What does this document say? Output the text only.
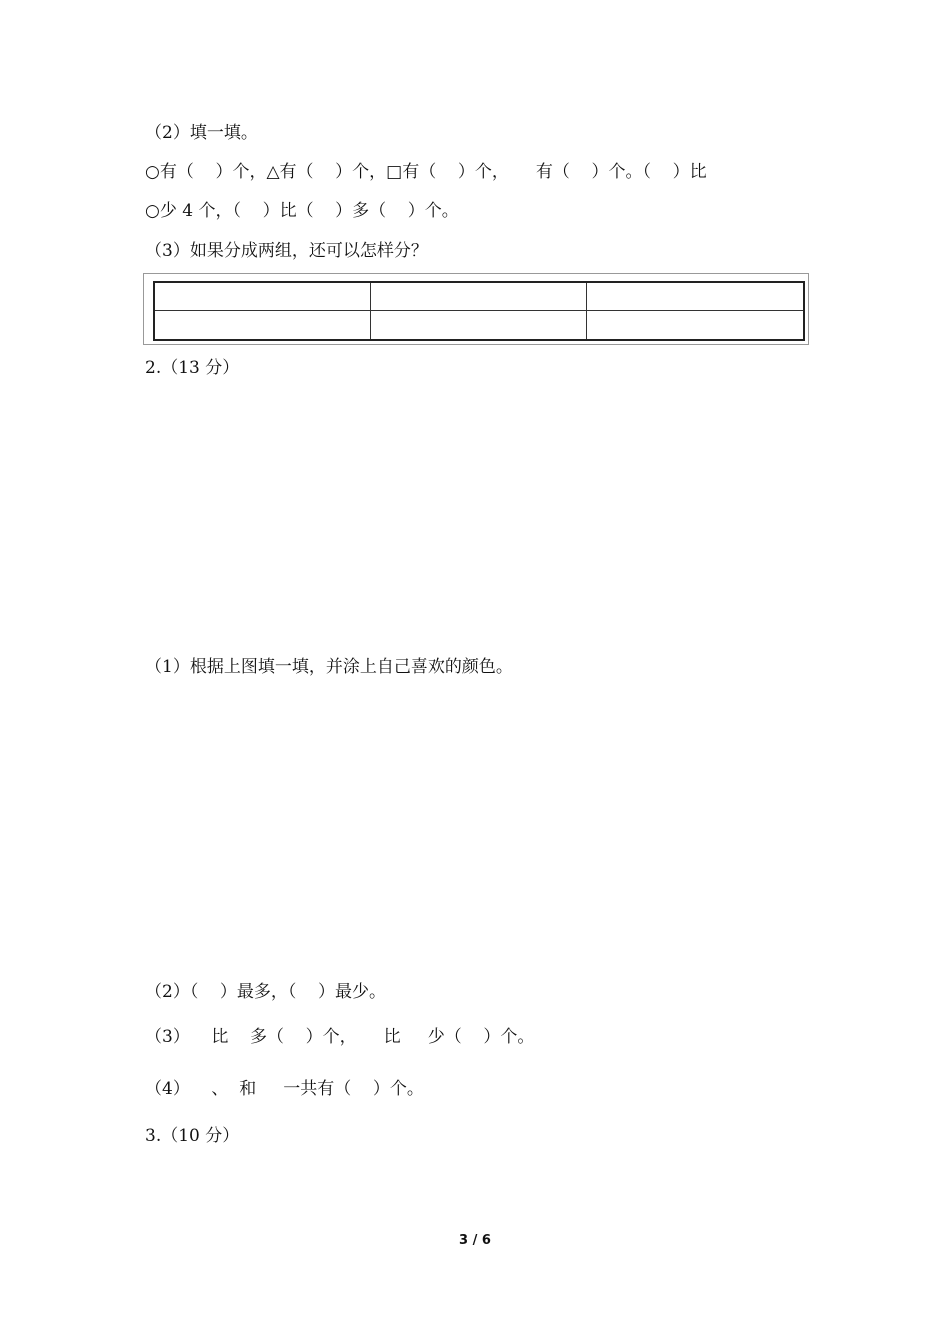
（2）填一填。
○有（    ）个，△有（    ）个，□有（    ）个，     有（    ）个。（    ）比
○少 4 个，（    ）比（    ）多（    ）个。
（3）如果分成两组，还可以怎样分？
2.（13 分）
（1）根据上图填一填，并涂上自己喜欢的颜色。
（2）（    ）最多，（    ）最少。
（3）    比    多（    ）个，     比     少（    ）个。
（4）    、  和     一共有（    ）个。
3.（10 分）
3 / 6
